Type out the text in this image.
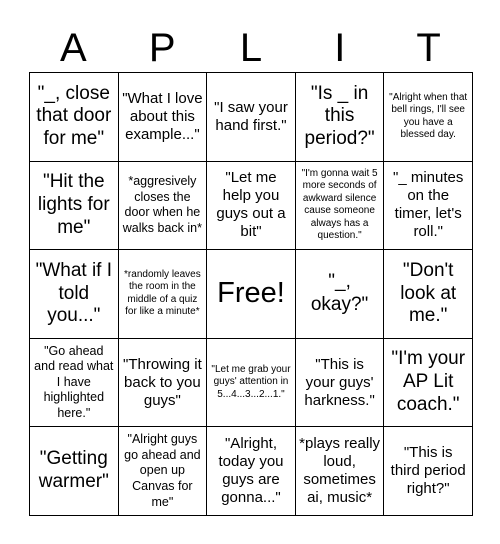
A	P	L	I	T
"_, close that door for me"
"What I love about this example..."
"I saw your hand first."
"Is _ in this period?"
"Alright when that bell rings, I'll see you have a blessed day.
"Hit the lights for me"
*aggresively closes the door when he walks back in*
"Let me help you guys out a bit"
"I'm gonna wait 5 more seconds of awkward silence cause someone always has a question."
"_ minutes on the timer, let's roll."
"What if I told you..."
*randomly leaves the room in the middle of a quiz for like a minute*
Free!	"_, okay?"
"Don't look at me."
"Go ahead and read what I have highlighted here."
"Throwing it back to you guys"
"Let me grab your guys' attention in 5...4...3...2...1."
"This is your guys' harkness."
"I'm your AP Lit coach."
"Getting warmer"
"Alright guys go ahead and open up Canvas for me"
"Alright, today you guys are gonna..."
*plays really loud, sometimes ai, music*
"This is third period right?"
